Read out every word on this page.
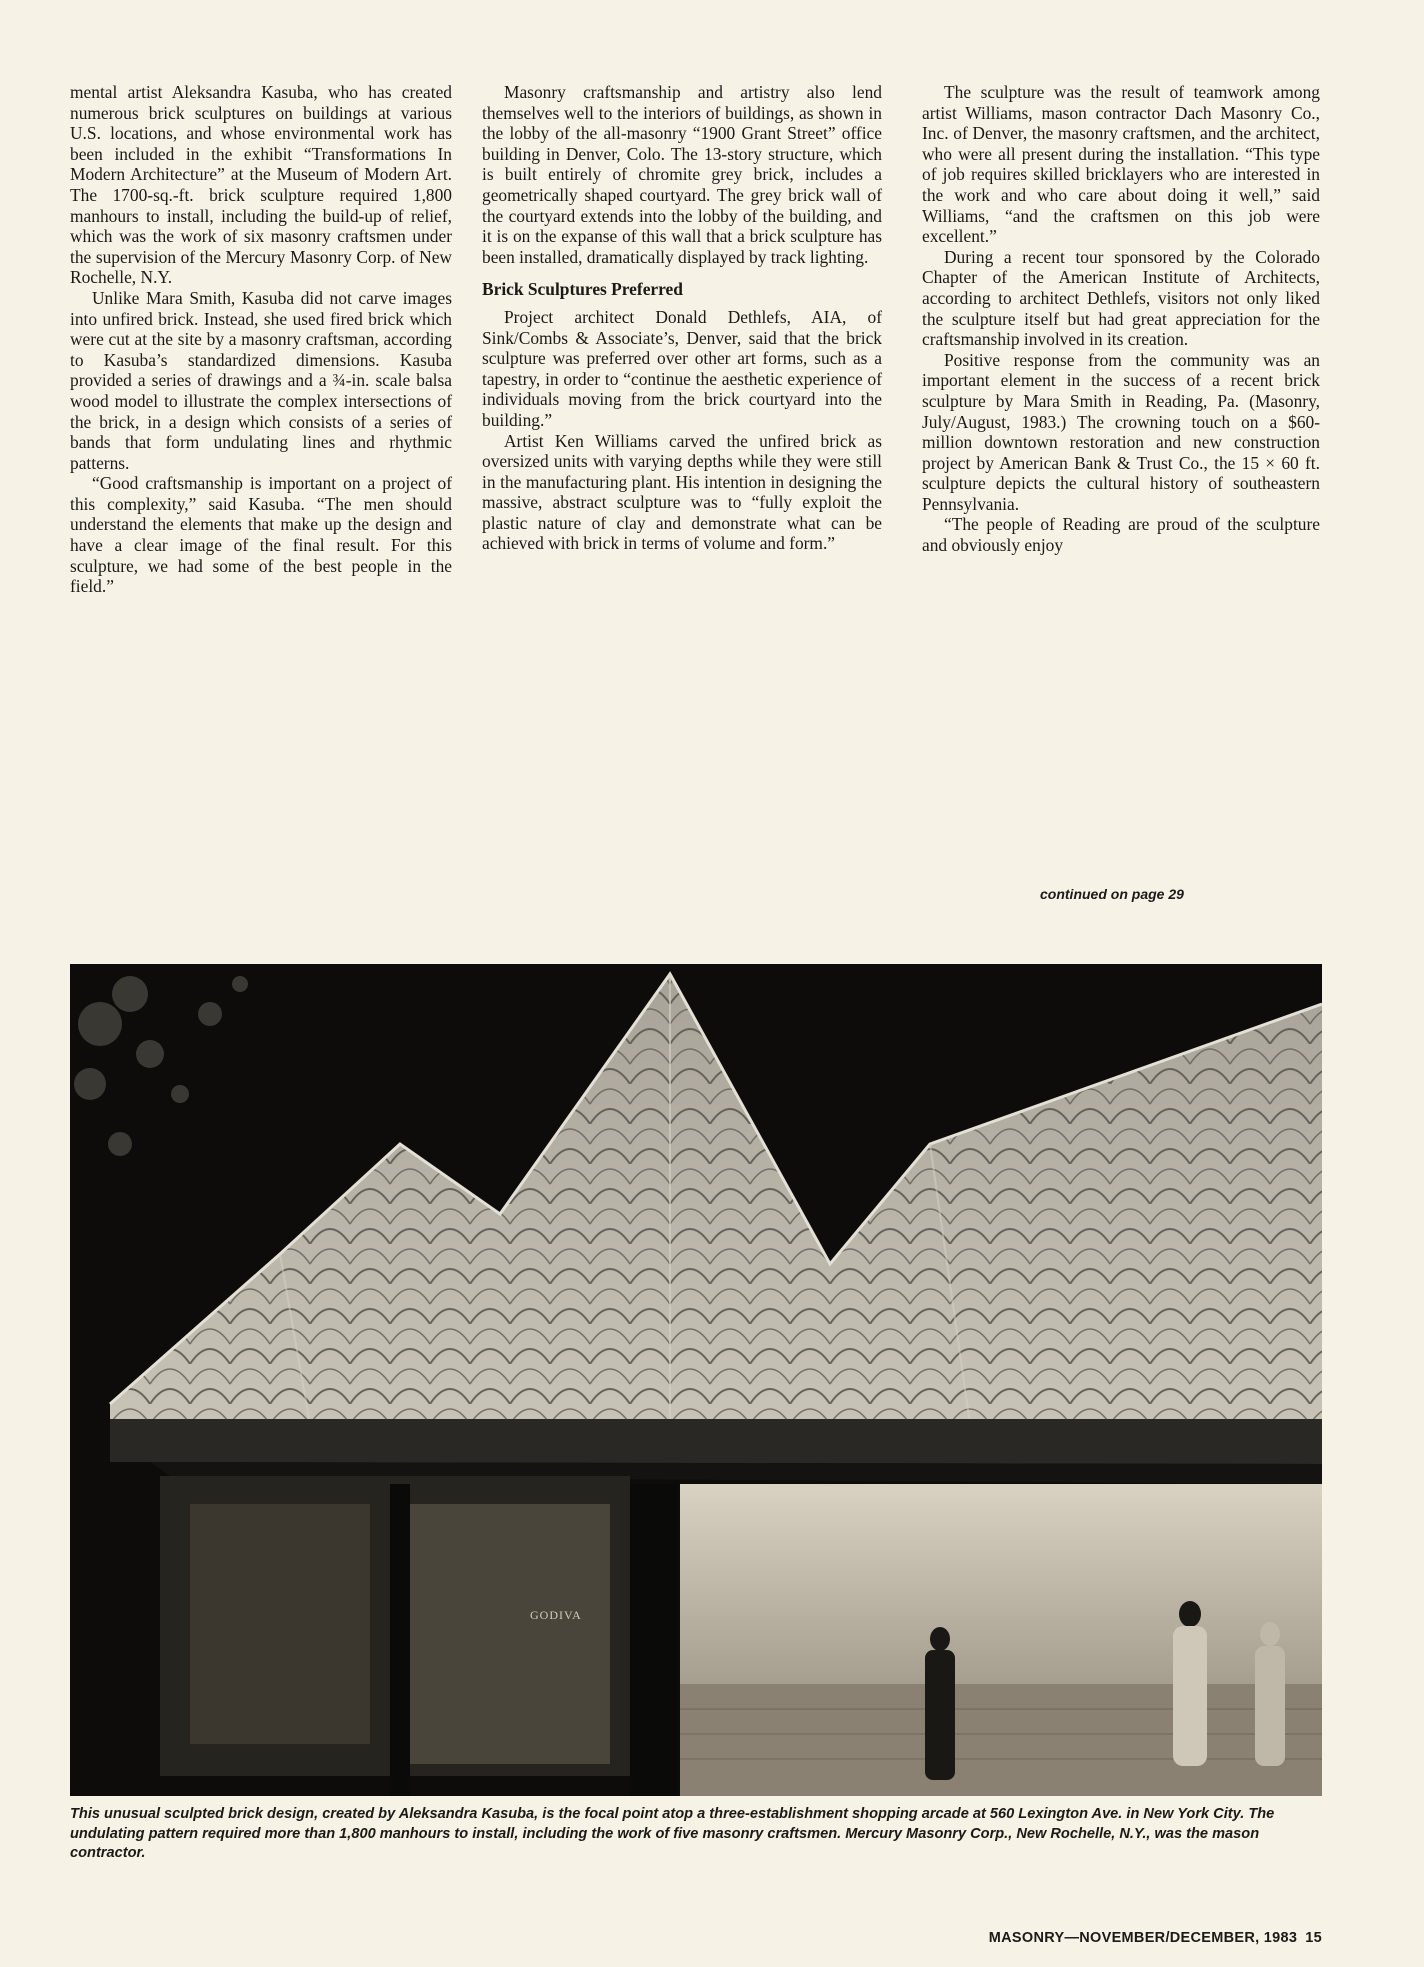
mental artist Aleksandra Kasuba, who has created numerous brick sculptures on buildings at various U.S. locations, and whose environmental work has been included in the exhibit “Transformations In Modern Architecture” at the Museum of Modern Art. The 1700-sq.-ft. brick sculpture required 1,800 manhours to install, including the build-up of relief, which was the work of six masonry craftsmen under the supervision of the Mercury Masonry Corp. of New Rochelle, N.Y.

Unlike Mara Smith, Kasuba did not carve images into unfired brick. Instead, she used fired brick which were cut at the site by a masonry craftsman, according to Kasuba’s standardized dimensions. Kasuba provided a series of drawings and a ¾-in. scale balsa wood model to illustrate the complex intersections of the brick, in a design which consists of a series of bands that form undulating lines and rhythmic patterns.

“Good craftsmanship is important on a project of this complexity,” said Kasuba. “The men should understand the elements that make up the design and have a clear image of the final result. For this sculpture, we had some of the best people in the field.”

Masonry craftsmanship and artistry also lend themselves well to the interiors of buildings, as shown in the lobby of the all-masonry “1900 Grant Street” office building in Denver, Colo. The 13-story structure, which is built entirely of chromite grey brick, includes a geometrically shaped courtyard. The grey brick wall of the courtyard extends into the lobby of the building, and it is on the expanse of this wall that a brick sculpture has been installed, dramatically displayed by track lighting.

Brick Sculptures Preferred

Project architect Donald Dethlefs, AIA, of Sink/Combs & Associate’s, Denver, said that the brick sculpture was preferred over other art forms, such as a tapestry, in order to “continue the aesthetic experience of individuals moving from the brick courtyard into the building.”

Artist Ken Williams carved the unfired brick as oversized units with varying depths while they were still in the manufacturing plant. His intention in designing the massive, abstract sculpture was to “fully exploit the plastic nature of clay and demonstrate what can be achieved with brick in terms of volume and form.”

The sculpture was the result of teamwork among artist Williams, mason contractor Dach Masonry Co., Inc. of Denver, the masonry craftsmen, and the architect, who were all present during the installation. “This type of job requires skilled bricklayers who are interested in the work and who care about doing it well,” said Williams, “and the craftsmen on this job were excellent.”

During a recent tour sponsored by the Colorado Chapter of the American Institute of Architects, according to architect Dethlefs, visitors not only liked the sculpture itself but had great appreciation for the craftsmanship involved in its creation.

Positive response from the community was an important element in the success of a recent brick sculpture by Mara Smith in Reading, Pa. (Masonry, July/August, 1983.) The crowning touch on a $60-million downtown restoration and new construction project by American Bank & Trust Co., the 15 × 60 ft. sculpture depicts the cultural history of southeastern Pennsylvania.

“The people of Reading are proud of the sculpture and obviously enjoy

continued on page 29
GODIVA
This unusual sculpted brick design, created by Aleksandra Kasuba, is the focal point atop a three-establishment shopping arcade at 560 Lexington Ave. in New York City. The undulating pattern required more than 1,800 manhours to install, including the work of five masonry craftsmen. Mercury Masonry Corp., New Rochelle, N.Y., was the mason contractor.
MASONRY—NOVEMBER/DECEMBER, 1983 15
